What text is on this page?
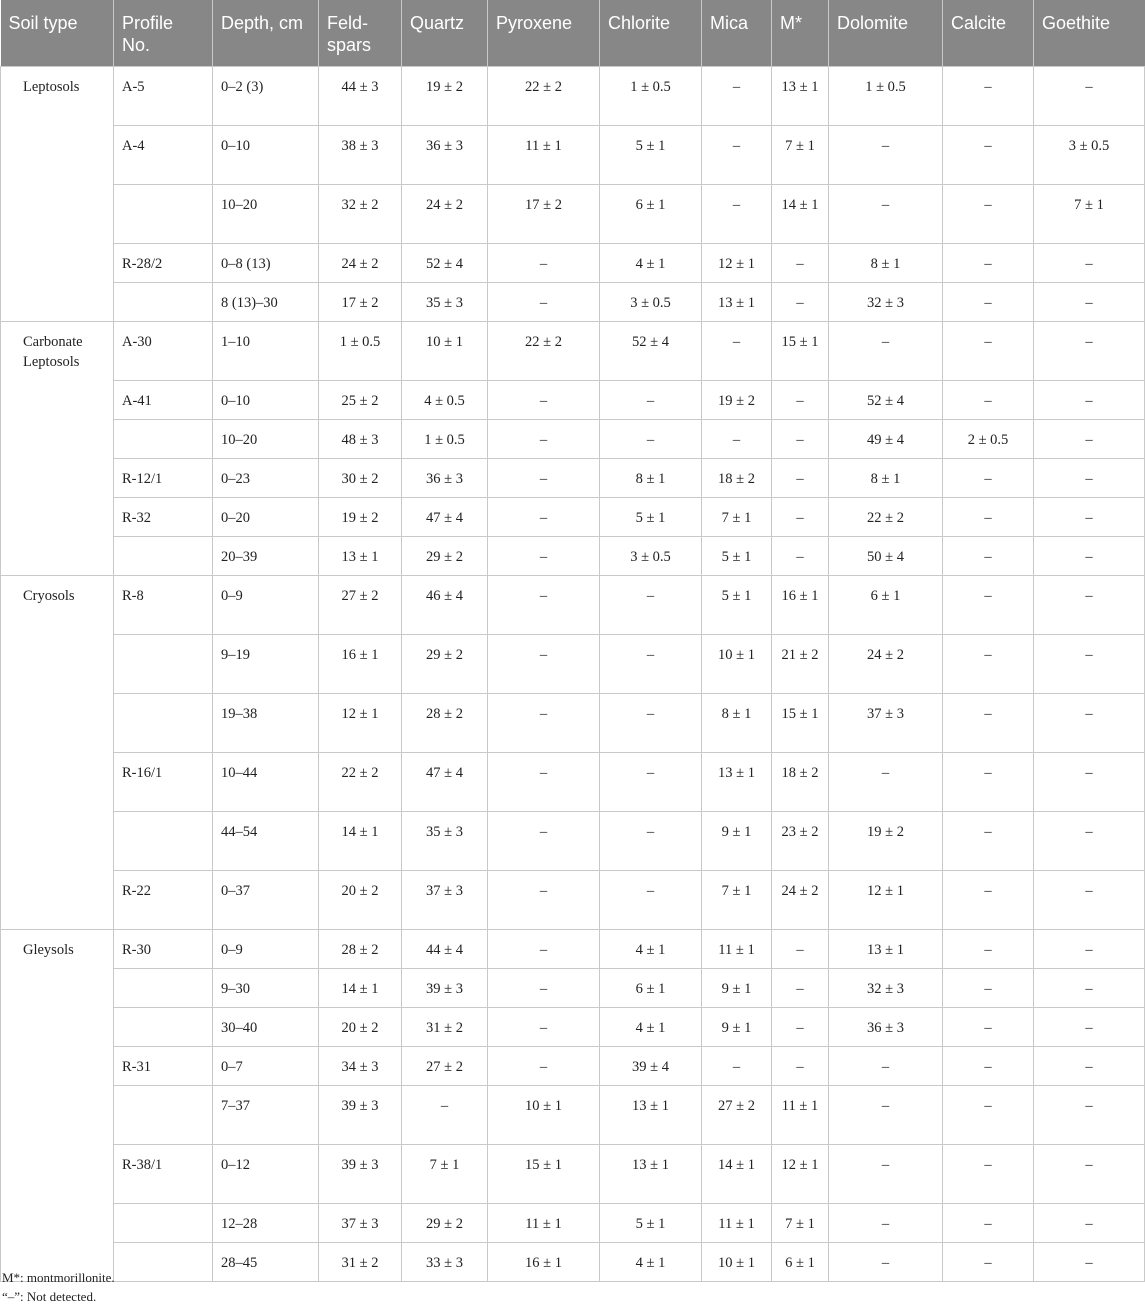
Soil type	Profile No.	Depth, cm	Feld-spars	Quartz	Pyroxene	Chlorite	Mica	M*	Dolomite	Calcite	Goethite
Leptosols	A-5	0–2 (3)	44 ± 3	19 ± 2	22 ± 2	1 ± 0.5	–	13 ± 1	1 ± 0.5	–	–
	A-4	0–10	38 ± 3	36 ± 3	11 ± 1	5 ± 1	–	7 ± 1	–	–	3 ± 0.5
		10–20	32 ± 2	24 ± 2	17 ± 2	6 ± 1	–	14 ± 1	–	–	7 ± 1
	R-28/2	0–8 (13)	24 ± 2	52 ± 4	–	4 ± 1	12 ± 1	–	8 ± 1	–	–
		8 (13)–30	17 ± 2	35 ± 3	–	3 ± 0.5	13 ± 1	–	32 ± 3	–	–
Carbonate Leptosols	A-30	1–10	1 ± 0.5	10 ± 1	22 ± 2	52 ± 4	–	15 ± 1	–	–	–
	A-41	0–10	25 ± 2	4 ± 0.5	–	–	19 ± 2	–	52 ± 4	–	–
		10–20	48 ± 3	1 ± 0.5	–	–	–	–	49 ± 4	2 ± 0.5	–
	R-12/1	0–23	30 ± 2	36 ± 3	–	8 ± 1	18 ± 2	–	8 ± 1	–	–
	R-32	0–20	19 ± 2	47 ± 4	–	5 ± 1	7 ± 1	–	22 ± 2	–	–
		20–39	13 ± 1	29 ± 2	–	3 ± 0.5	5 ± 1	–	50 ± 4	–	–
Cryosols	R-8	0–9	27 ± 2	46 ± 4	–	–	5 ± 1	16 ± 1	6 ± 1	–	–
		9–19	16 ± 1	29 ± 2	–	–	10 ± 1	21 ± 2	24 ± 2	–	–
		19–38	12 ± 1	28 ± 2	–	–	8 ± 1	15 ± 1	37 ± 3	–	–
	R-16/1	10–44	22 ± 2	47 ± 4	–	–	13 ± 1	18 ± 2	–	–	–
		44–54	14 ± 1	35 ± 3	–	–	9 ± 1	23 ± 2	19 ± 2	–	–
	R-22	0–37	20 ± 2	37 ± 3	–	–	7 ± 1	24 ± 2	12 ± 1	–	–
Gleysols	R-30	0–9	28 ± 2	44 ± 4	–	4 ± 1	11 ± 1	–	13 ± 1	–	–
		9–30	14 ± 1	39 ± 3	–	6 ± 1	9 ± 1	–	32 ± 3	–	–
		30–40	20 ± 2	31 ± 2	–	4 ± 1	9 ± 1	–	36 ± 3	–	–
	R-31	0–7	34 ± 3	27 ± 2	–	39 ± 4	–	–	–	–	–
		7–37	39 ± 3	–	10 ± 1	13 ± 1	27 ± 2	11 ± 1	–	–	–
	R-38/1	0–12	39 ± 3	7 ± 1	15 ± 1	13 ± 1	14 ± 1	12 ± 1	–	–	–
		12–28	37 ± 3	29 ± 2	11 ± 1	5 ± 1	11 ± 1	7 ± 1	–	–	–
		28–45	31 ± 2	33 ± 3	16 ± 1	4 ± 1	10 ± 1	6 ± 1	–	–	–
M*: montmorillonite.
“–”: Not detected.
